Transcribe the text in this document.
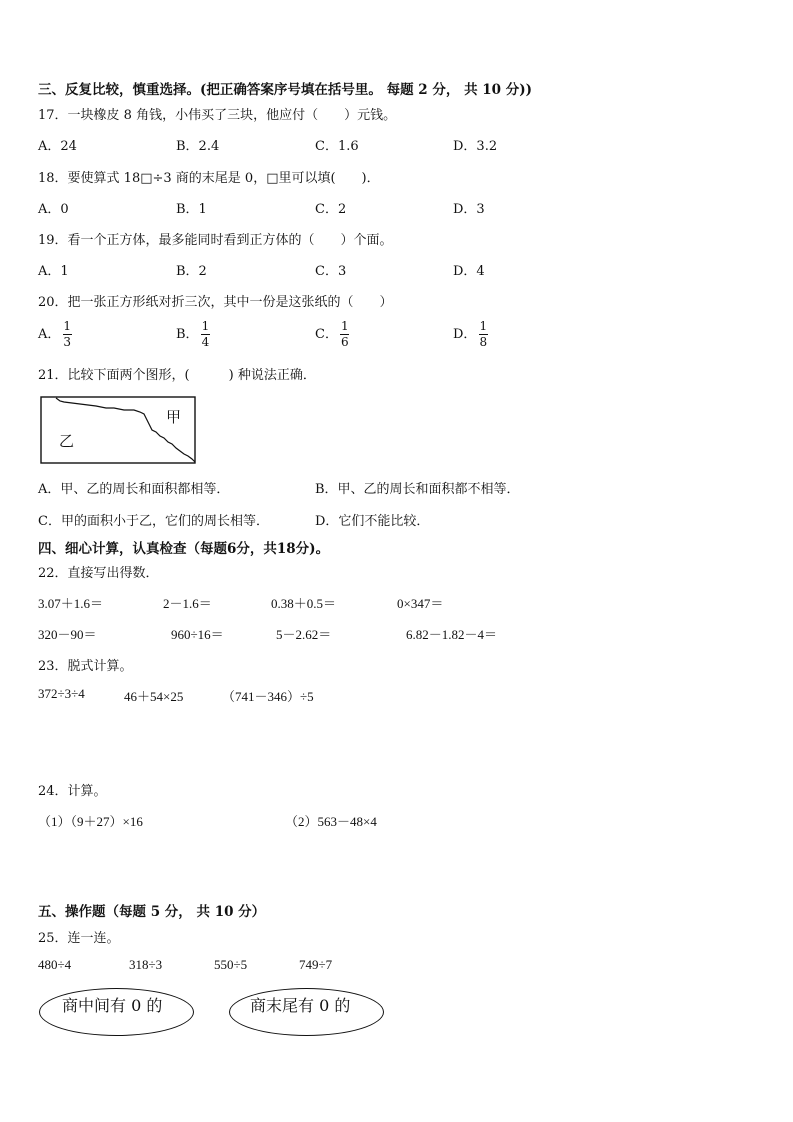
三、反复比较，慎重选择。(把正确答案序号填在括号里。 每题 2 分， 共 10 分))
17．一块橡皮 8 角钱，小伟买了三块，他应付（　　）元钱。
A．24	B．2.4	C．1.6	D．3.2
18．要使算式 18□÷3 商的末尾是 0，□里可以填(　　)．
A．0	B．1	C．2	D．3
19．看一个正方体，最多能同时看到正方体的（　　）个面。
A．1	B．2	C．3	D．4
20．把一张正方形纸对折三次，其中一份是这张纸的（　　）
A． $\frac{1}{3}$	B． $\frac{1}{4}$	C． $\frac{1}{6}$	D． $\frac{1}{8}$
21．比较下面两个图形，(　　　) 种说法正确．
甲
乙
A．甲、乙的周长和面积都相等．	B．甲、乙的周长和面积都不相等．
C．甲的面积小于乙，它们的周长相等．	D．它们不能比较．
四、细心计算，认真检查（每题6分，共18分)。
22．直接写出得数．
3.07＋1.6＝	2－1.6＝	0.38＋0.5＝	0×347＝
320－90＝	960÷16＝	5－2.62＝	6.82－1.82－4＝
23．脱式计算。
372÷3÷4	46＋54×25	（741－346）÷5
24．计算。
（1）（9＋27）×16	（2）563－48×4
五、操作题（每题 5 分， 共 10 分）
25．连一连。
480÷4	318÷3	550÷5	749÷7
商中间有 0 的	商末尾有 0 的
